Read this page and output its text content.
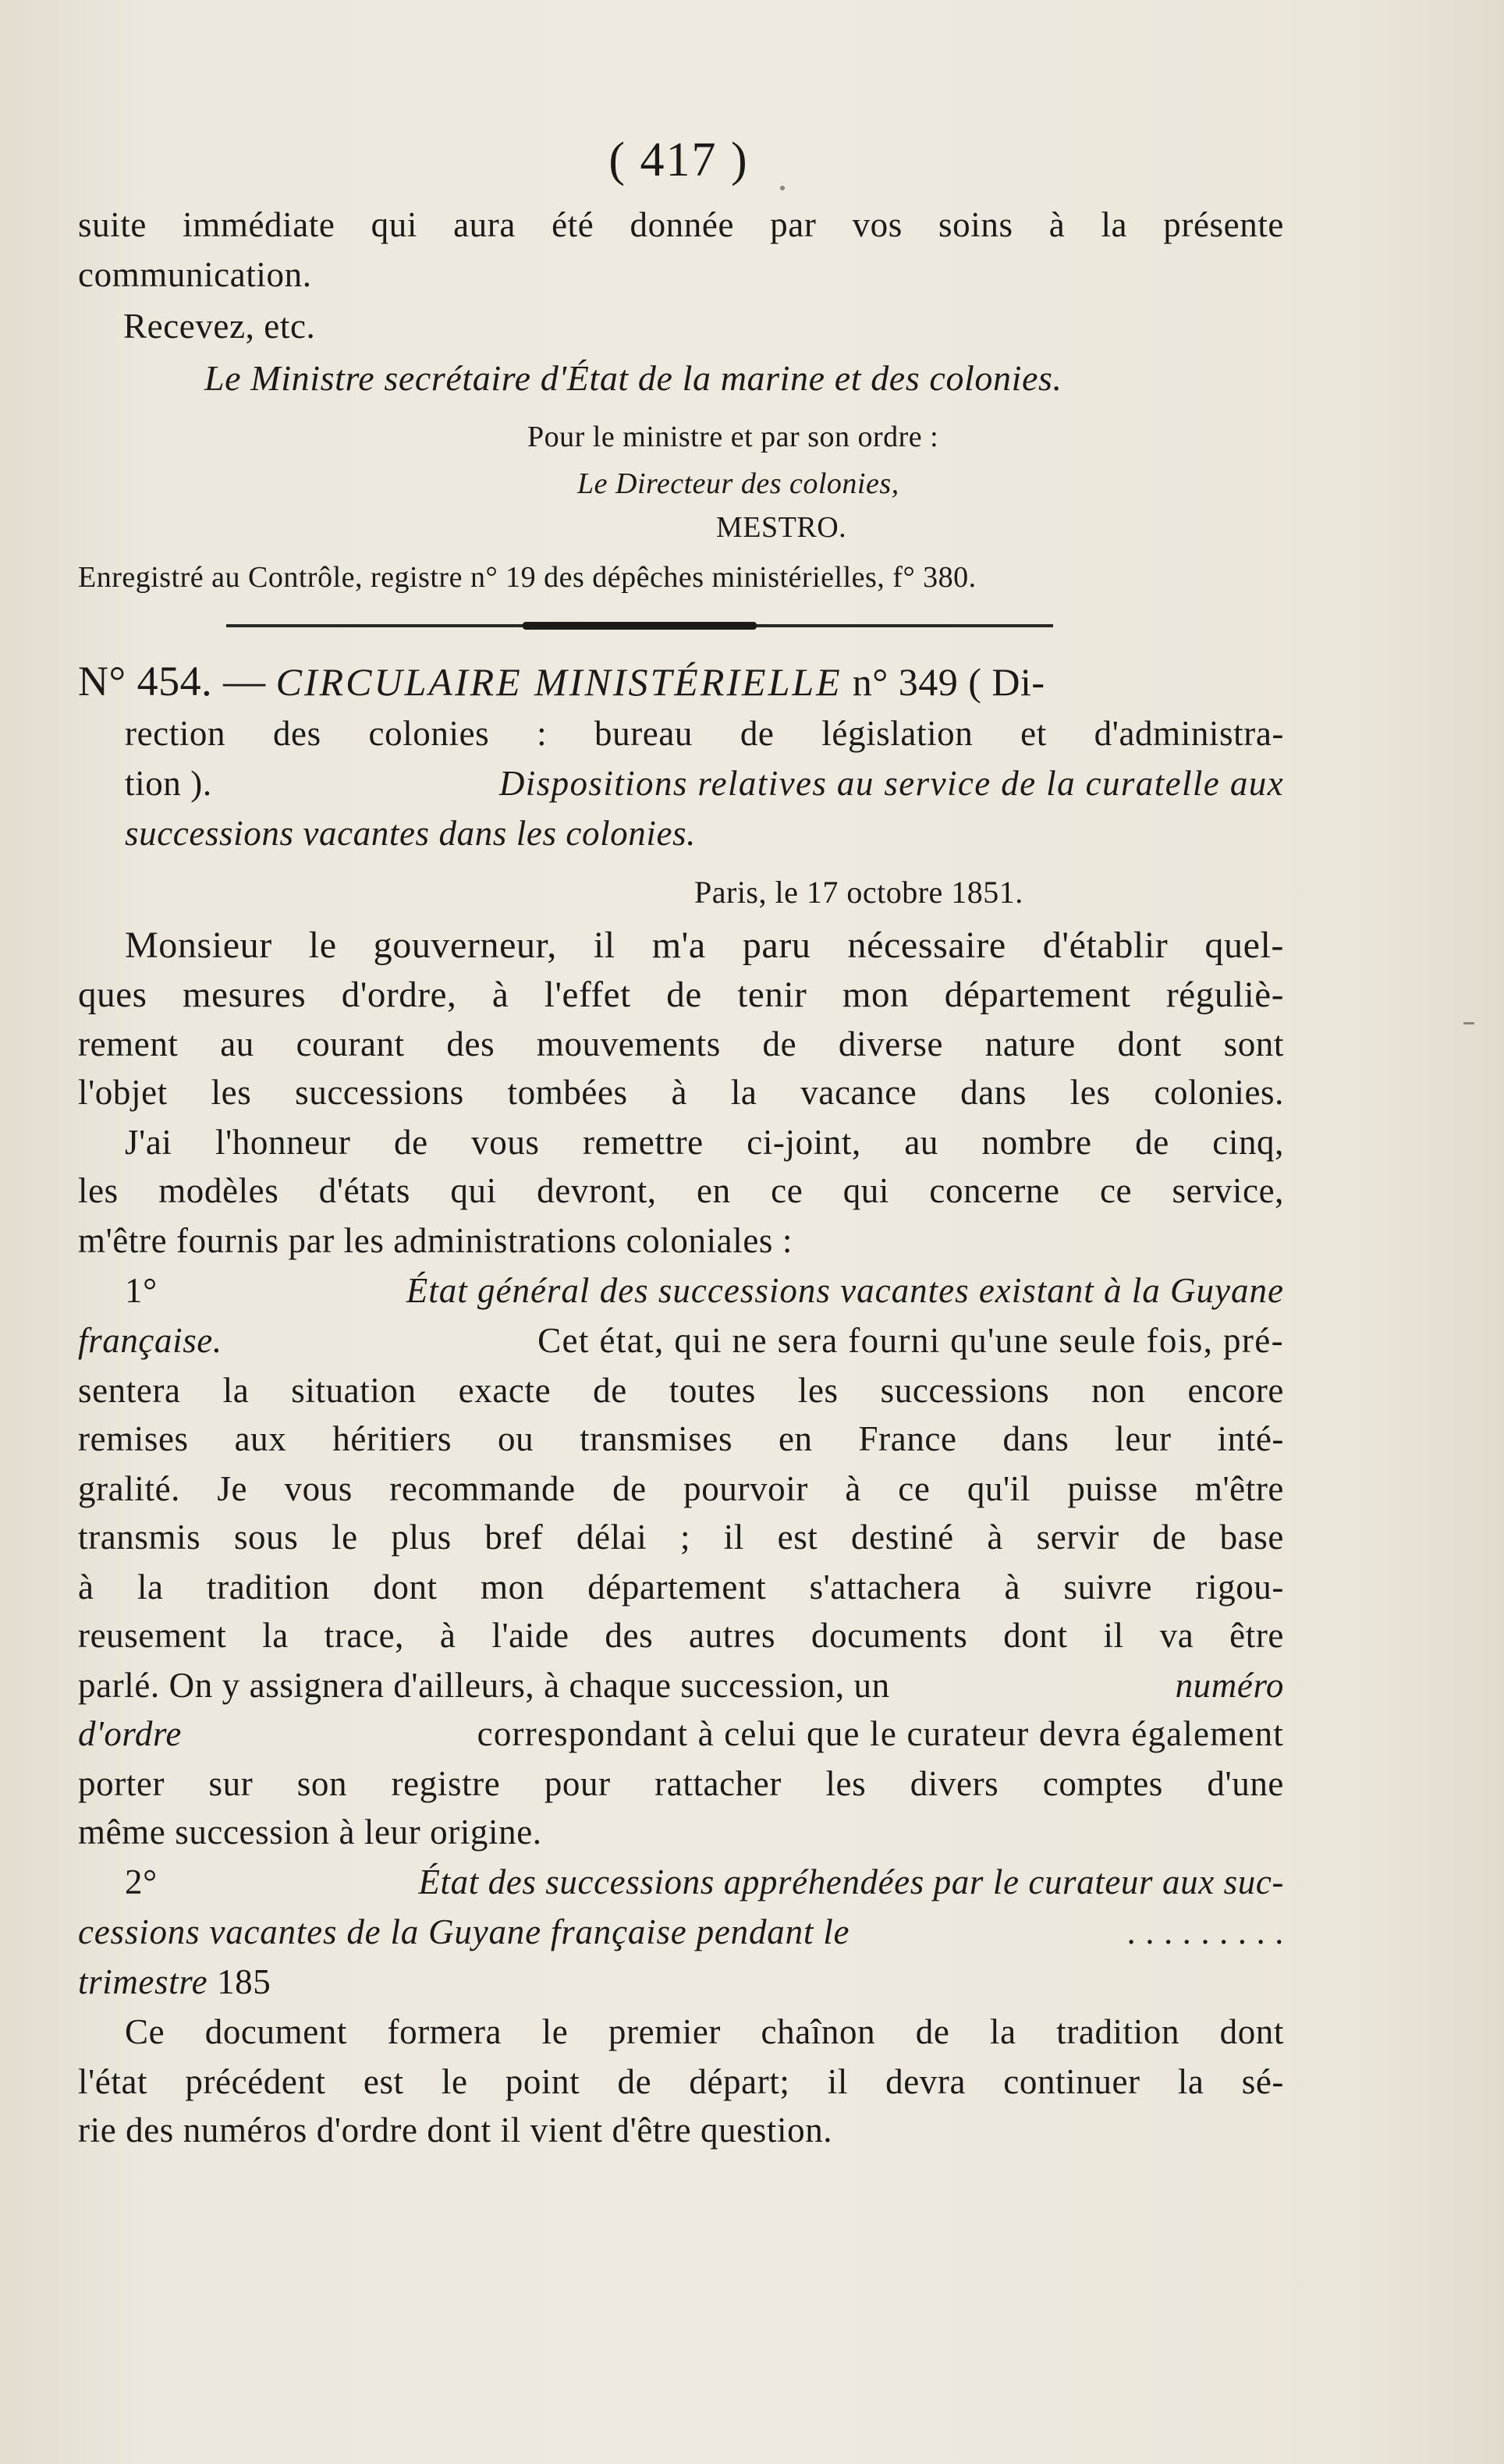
( 417 )
suite immédiate qui aura été donnée par vos soins à la présente
communication.
Recevez, etc.
Le Ministre secrétaire d'État de la marine et des colonies.
Pour le ministre et par son ordre :
Le Directeur des colonies,
MESTRO.
Enregistré au Contrôle, registre n° 19 des dépêches ministérielles, f° 380.
N° 454. — CIRCULAIRE MINISTÉRIELLE n° 349 ( Di-
rection des colonies : bureau de législation et d'administra-
tion ).	Dispositions relatives au service de la curatelle aux
successions vacantes dans les colonies.
Paris, le 17 octobre 1851.
Monsieur le gouverneur, il m'a paru nécessaire d'établir quel-
ques mesures d'ordre, à l'effet de tenir mon département réguliè-
rement au courant des mouvements de diverse nature dont sont
l'objet les successions tombées à la vacance dans les colonies.
J'ai l'honneur de vous remettre ci-joint, au nombre de cinq,
les modèles d'états qui devront, en ce qui concerne ce service,
m'être fournis par les administrations coloniales :
1°	État général des successions vacantes existant à la Guyane
française.	Cet état, qui ne sera fourni qu'une seule fois, pré-
sentera la situation exacte de toutes les successions non encore
remises aux héritiers ou transmises en France dans leur inté-
gralité. Je vous recommande de pourvoir à ce qu'il puisse m'être
transmis sous le plus bref délai ; il est destiné à servir de base
à la tradition dont mon département s'attachera à suivre rigou-
reusement la trace, à l'aide des autres documents dont il va être
parlé. On y assignera d'ailleurs, à chaque succession, un	numéro
d'ordre	correspondant à celui que le curateur devra également
porter sur son registre pour rattacher les divers comptes d'une
même succession à leur origine.
2°	État des successions appréhendées par le curateur aux suc-
cessions vacantes de la Guyane française pendant le	. . . . . . . . .
trimestre 185
Ce document formera le premier chaînon de la tradition dont
l'état précédent est le point de départ; il devra continuer la sé-
rie des numéros d'ordre dont il vient d'être question.
